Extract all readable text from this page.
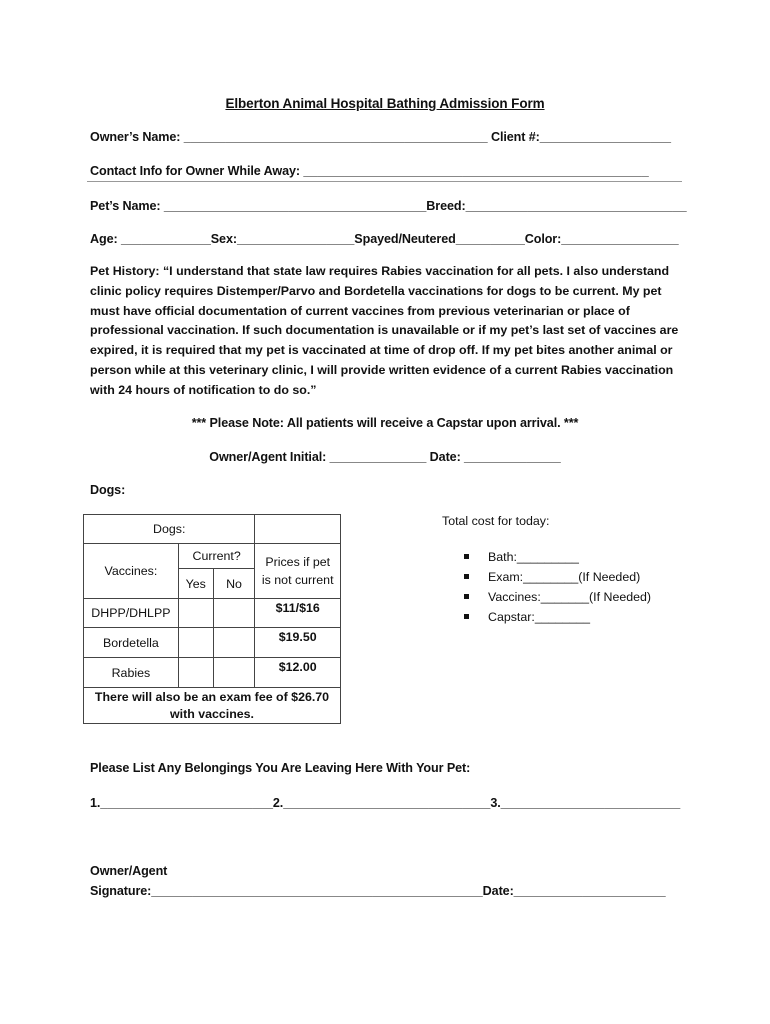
Elberton Animal Hospital Bathing Admission Form
Owner’s Name: ____________________________________________ Client #:___________________
Contact Info for Owner While Away: __________________________________________________
Pet’s Name: ______________________________________Breed:________________________________
Age: _____________Sex:_________________Spayed/Neutered__________Color:_________________
Pet History: “I understand that state law requires Rabies vaccination for all pets. I also understand
clinic policy requires Distemper/Parvo and Bordetella vaccinations for dogs to be current. My pet
must have official documentation of current vaccines from previous veterinarian or place of
professional vaccination. If such documentation is unavailable or if my pet’s last set of vaccines are
expired, it is required that my pet is vaccinated at time of drop off. If my pet bites another animal or
person while at this veterinary clinic, I will provide written evidence of a current Rabies vaccination
with 24 hours of notification to do so.”
*** Please Note: All patients will receive a Capstar upon arrival. ***
Owner/Agent Initial: ______________ Date: ______________
Dogs:
Dogs:			
Vaccines:	Current?		Prices if pet is not current
	Yes	No	
DHPP/DHLPP			$11/$16
Bordetella			$19.50
Rabies			$12.00
There will also be an exam fee of $26.70 with vaccines.			
Total cost for today:
Bath:_________
Exam:________(If Needed)
Vaccines:_______(If Needed)
Capstar:________
Please List Any Belongings You Are Leaving Here With Your Pet:
1._________________________2.______________________________3.__________________________
Owner/Agent
Signature:________________________________________________Date:______________________
